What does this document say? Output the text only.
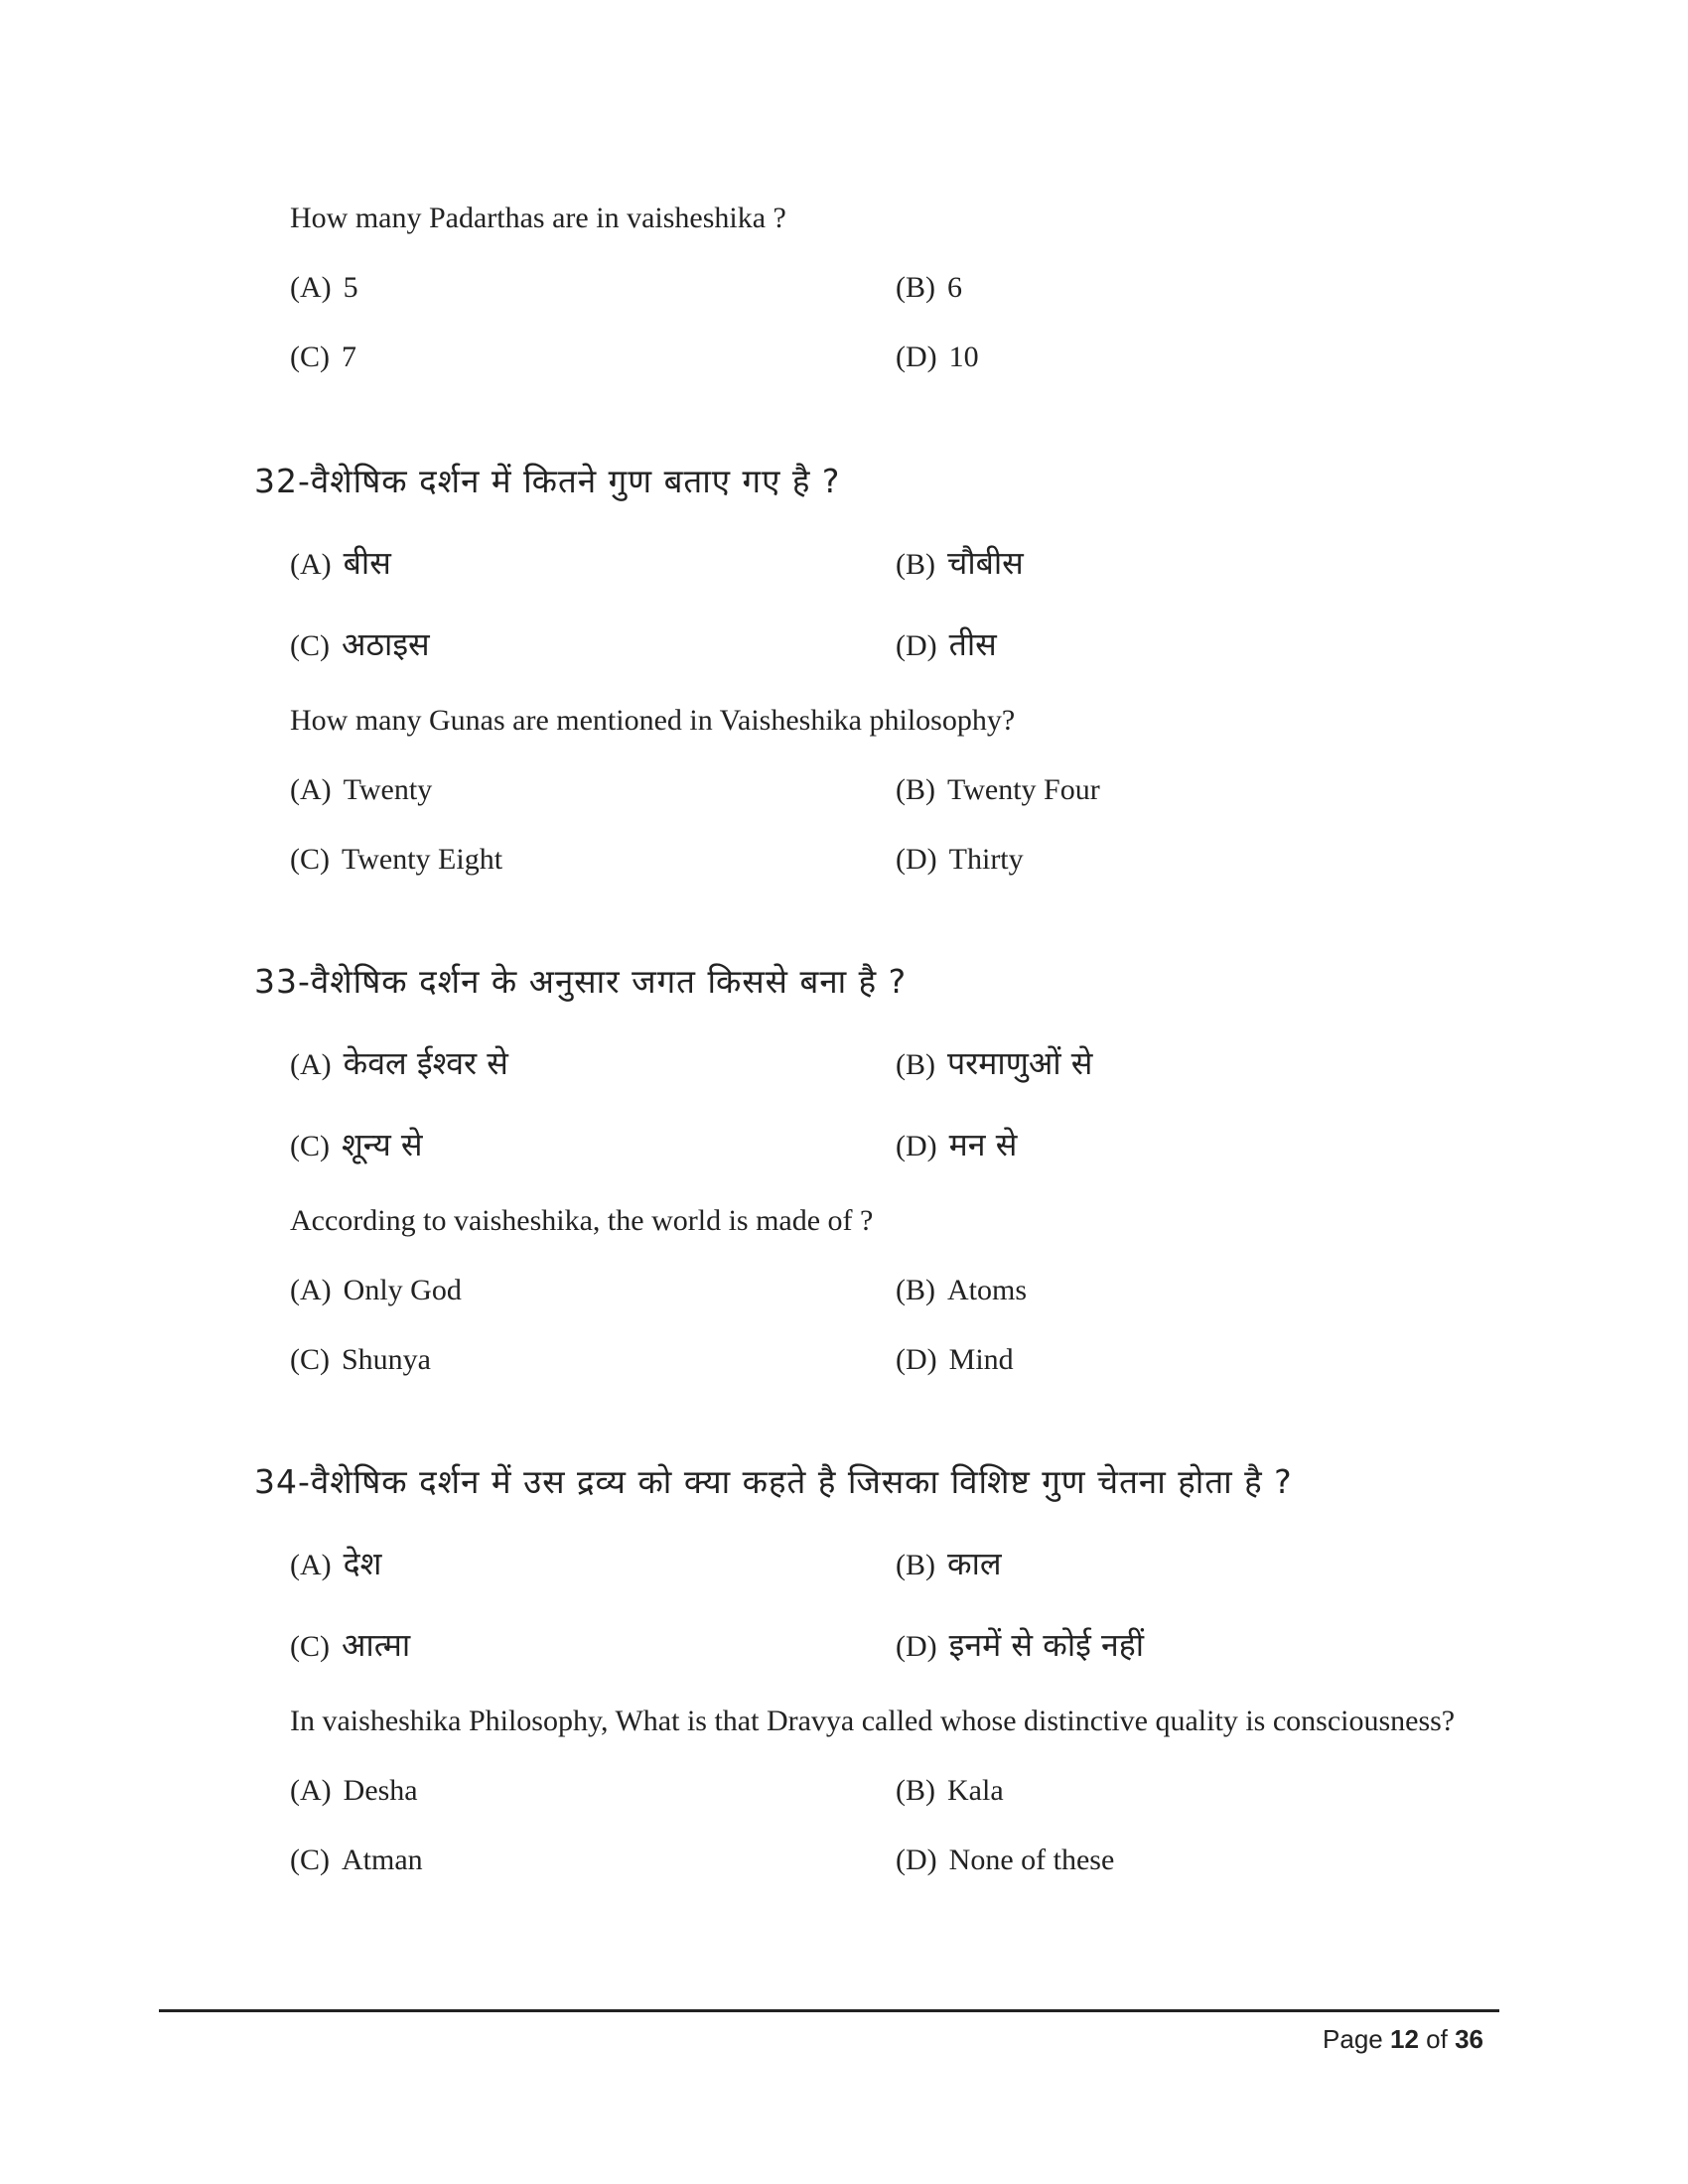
How many Padarthas are in vaisheshika ?
(A) 5	(B) 6
(C) 7	(D) 10
32-वैशेषिक दर्शन में कितने गुण बताए गए है ?
(A) बीस	(B) चौबीस
(C) अठाइस	(D) तीस
How many Gunas are mentioned in Vaisheshika philosophy?
(A) Twenty	(B) Twenty Four
(C) Twenty Eight	(D) Thirty
33-वैशेषिक दर्शन के अनुसार जगत किससे बना है ?
(A) केवल ईश्वर से	(B) परमाणुओं से
(C) शून्य से	(D) मन से
According to vaisheshika, the world is made of ?
(A) Only God	(B) Atoms
(C) Shunya	(D) Mind
34-वैशेषिक दर्शन में उस द्रव्य को क्या कहते है जिसका विशिष्ट गुण चेतना होता है ?
(A) देश	(B) काल
(C) आत्मा	(D) इनमें से कोई नहीं
In vaisheshika Philosophy, What is that Dravya called whose distinctive quality is consciousness?
(A) Desha	(B) Kala
(C) Atman	(D) None of these
Page 12 of 36
